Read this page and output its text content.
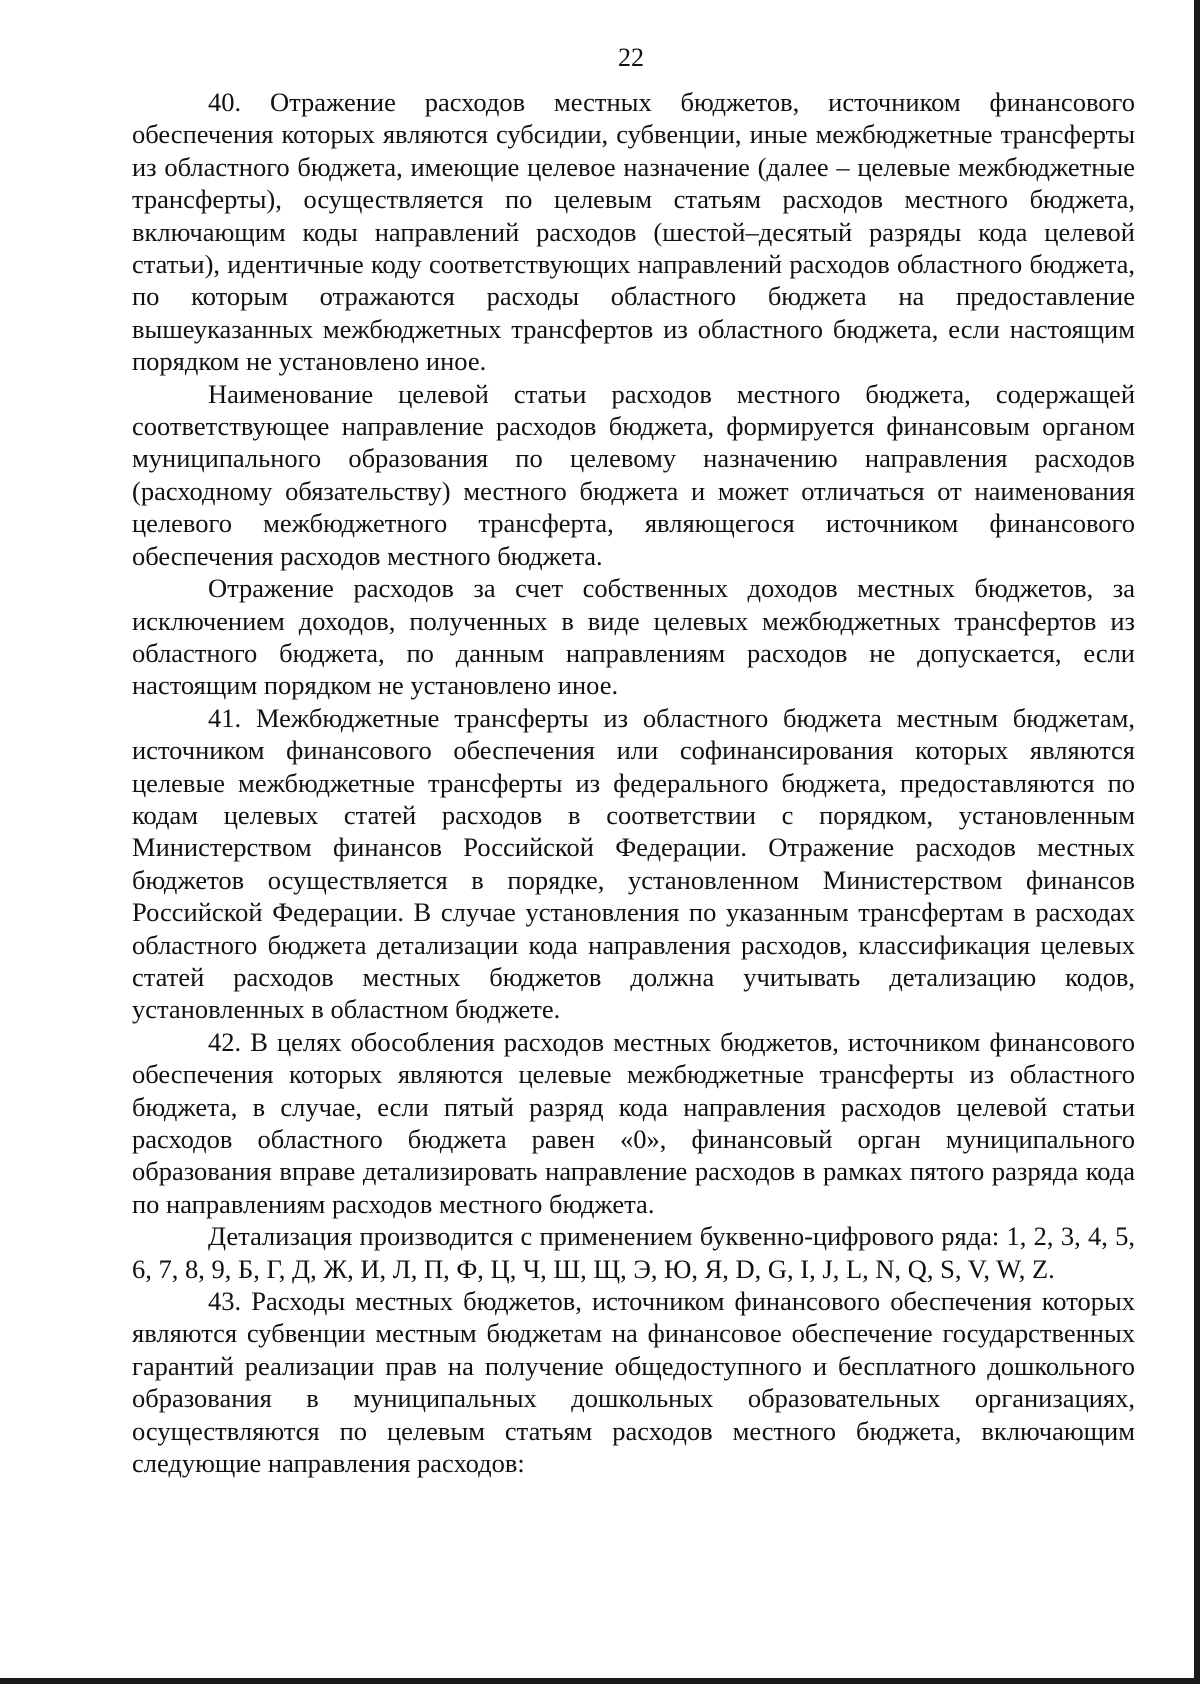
22

40. Отражение расходов местных бюджетов, источником финансового обеспечения которых являются субсидии, субвенции, иные межбюджетные трансферты из областного бюджета, имеющие целевое назначение (далее – целевые межбюджетные трансферты), осуществляется по целевым статьям расходов местного бюджета, включающим коды направлений расходов (шестой–десятый разряды кода целевой статьи), идентичные коду соответствующих направлений расходов областного бюджета, по которым отражаются расходы областного бюджета на предоставление вышеуказанных межбюджетных трансфертов из областного бюджета, если настоящим порядком не установлено иное.

Наименование целевой статьи расходов местного бюджета, содержащей соответствующее направление расходов бюджета, формируется финансовым органом муниципального образования по целевому назначению направления расходов (расходному обязательству) местного бюджета и может отличаться от наименования целевого межбюджетного трансферта, являющегося источником финансового обеспечения расходов местного бюджета.

Отражение расходов за счет собственных доходов местных бюджетов, за исключением доходов, полученных в виде целевых межбюджетных трансфертов из областного бюджета, по данным направлениям расходов не допускается, если настоящим порядком не установлено иное.

41. Межбюджетные трансферты из областного бюджета местным бюджетам, источником финансового обеспечения или софинансирования которых являются целевые межбюджетные трансферты из федерального бюджета, предоставляются по кодам целевых статей расходов в соответствии с порядком, установленным Министерством финансов Российской Федерации. Отражение расходов местных бюджетов осуществляется в порядке, установленном Министерством финансов Российской Федерации. В случае установления по указанным трансфертам в расходах областного бюджета детализации кода направления расходов, классификация целевых статей расходов местных бюджетов должна учитывать детализацию кодов, установленных в областном бюджете.

42. В целях обособления расходов местных бюджетов, источником финансового обеспечения которых являются целевые межбюджетные трансферты из областного бюджета, в случае, если пятый разряд кода направления расходов целевой статьи расходов областного бюджета равен «0», финансовый орган муниципального образования вправе детализировать направление расходов в рамках пятого разряда кода по направлениям расходов местного бюджета.

Детализация производится с применением буквенно-цифрового ряда: 1, 2, 3, 4, 5, 6, 7, 8, 9, Б, Г, Д, Ж, И, Л, П, Ф, Ц, Ч, Ш, Щ, Э, Ю, Я, D, G, I, J, L, N, Q, S, V, W, Z.

43. Расходы местных бюджетов, источником финансового обеспечения которых являются субвенции местным бюджетам на финансовое обеспечение государственных гарантий реализации прав на получение общедоступного и бесплатного дошкольного образования в муниципальных дошкольных образовательных организациях, осуществляются по целевым статьям расходов местного бюджета, включающим следующие направления расходов:
